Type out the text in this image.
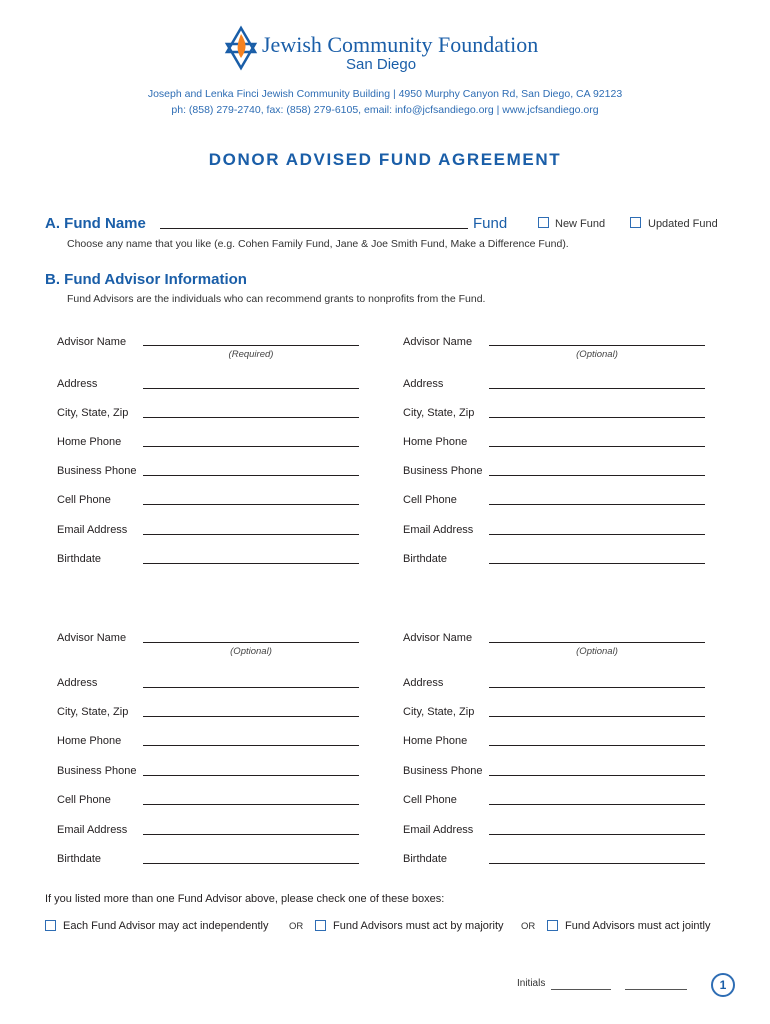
Jewish Community Foundation
San Diego
Joseph and Lenka Finci Jewish Community Building | 4950 Murphy Canyon Rd, San Diego, CA 92123
ph: (858) 279-2740, fax: (858) 279-6105, email: info@jcfsandiego.org | www.jcfsandiego.org
DONOR ADVISED FUND AGREEMENT
A. Fund Name	Fund	New Fund	Updated Fund
Choose any name that you like (e.g. Cohen Family Fund, Jane & Joe Smith Fund, Make a Difference Fund).
B. Fund Advisor Information
Fund Advisors are the individuals who can recommend grants to nonprofits from the Fund.
Advisor Name
(Required)
Address
City, State, Zip
Home Phone
Business Phone
Cell Phone
Email Address
Birthdate
Advisor Name
(Optional)
Address
City, State, Zip
Home Phone
Business Phone
Cell Phone
Email Address
Birthdate
Advisor Name
(Optional)
Address
City, State, Zip
Home Phone
Business Phone
Cell Phone
Email Address
Birthdate
Advisor Name
(Optional)
Address
City, State, Zip
Home Phone
Business Phone
Cell Phone
Email Address
Birthdate
If you listed more than one Fund Advisor above, please check one of these boxes:
Each Fund Advisor may act independently OR	Fund Advisors must act by majority OR	Fund Advisors must act jointly
Initials	1
